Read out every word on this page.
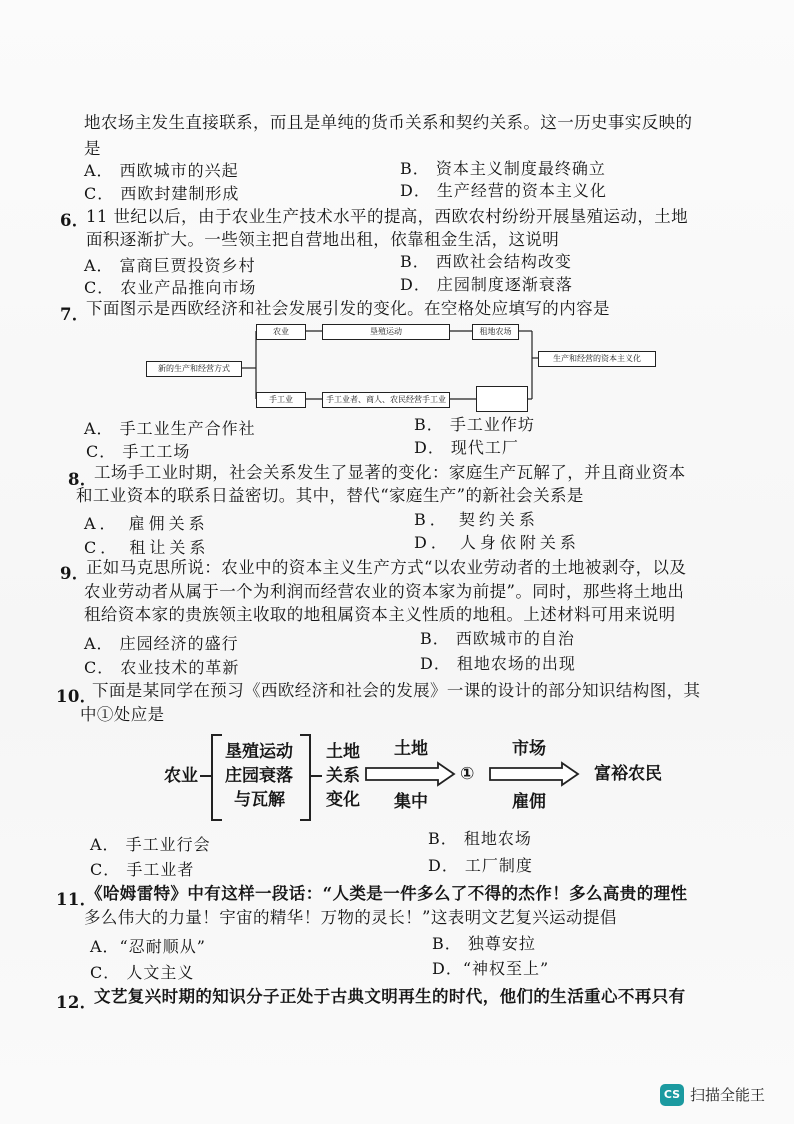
地农场主发生直接联系，而且是单纯的货币关系和契约关系。这一历史事实反映的
是
A． 西欧城市的兴起	B． 资本主义制度最终确立
C． 西欧封建制形成	D． 生产经营的资本主义化
6．
11 世纪以后，由于农业生产技术水平的提高，西欧农村纷纷开展垦殖运动，土地
面积逐渐扩大。一些领主把自营地出租，依靠租金生活，这说明
A． 富商巨贾投资乡村	B． 西欧社会结构改变
C． 农业产品推向市场	D． 庄园制度逐渐衰落
7．
下面图示是西欧经济和社会发展引发的变化。在空格处应填写的内容是
新的生产和经营方式
农业	垦殖运动	租地农场
生产和经营的资本主义化
手工业	手工业者、商人、农民经营手工业
A． 手工业生产合作社	B． 手工业作坊
C． 手工工场	D． 现代工厂
8．
工场手工业时期，社会关系发生了显著的变化：家庭生产瓦解了，并且商业资本
和工业资本的联系日益密切。其中，替代“家庭生产”的新社会关系是
A． 雇佣关系	B． 契约关系
C． 租让关系	D． 人身依附关系
9．
正如马克思所说：农业中的资本主义生产方式“以农业劳动者的土地被剥夺，以及
农业劳动者从属于一个为利润而经营农业的资本家为前提”。同时，那些将土地出
租给资本家的贵族领主收取的地租属资本主义性质的地租。上述材料可用来说明
A． 庄园经济的盛行	B． 西欧城市的自治
C． 农业技术的革新	D． 租地农场的出现
10．
下面是某同学在预习《西欧经济和社会的发展》一课的设计的部分知识结构图，其
中①处应是
农业
垦殖运动
庄园衰落
与瓦解
土地
关系
变化
土地
集中
①
市场
雇佣
富裕农民
A． 手工业行会	B． 租地农场
C． 手工业者	D． 工厂制度
11．
《哈姆雷特》中有这样一段话：“人类是一件多么了不得的杰作！多么高贵的理性
多么伟大的力量！宇宙的精华！万物的灵长！”这表明文艺复兴运动提倡
A．“忍耐顺从”	B． 独尊安拉
C． 人文主义	D．“神权至上”
12．
文艺复兴时期的知识分子正处于古典文明再生的时代，他们的生活重心不再只有
CS 扫描全能王
